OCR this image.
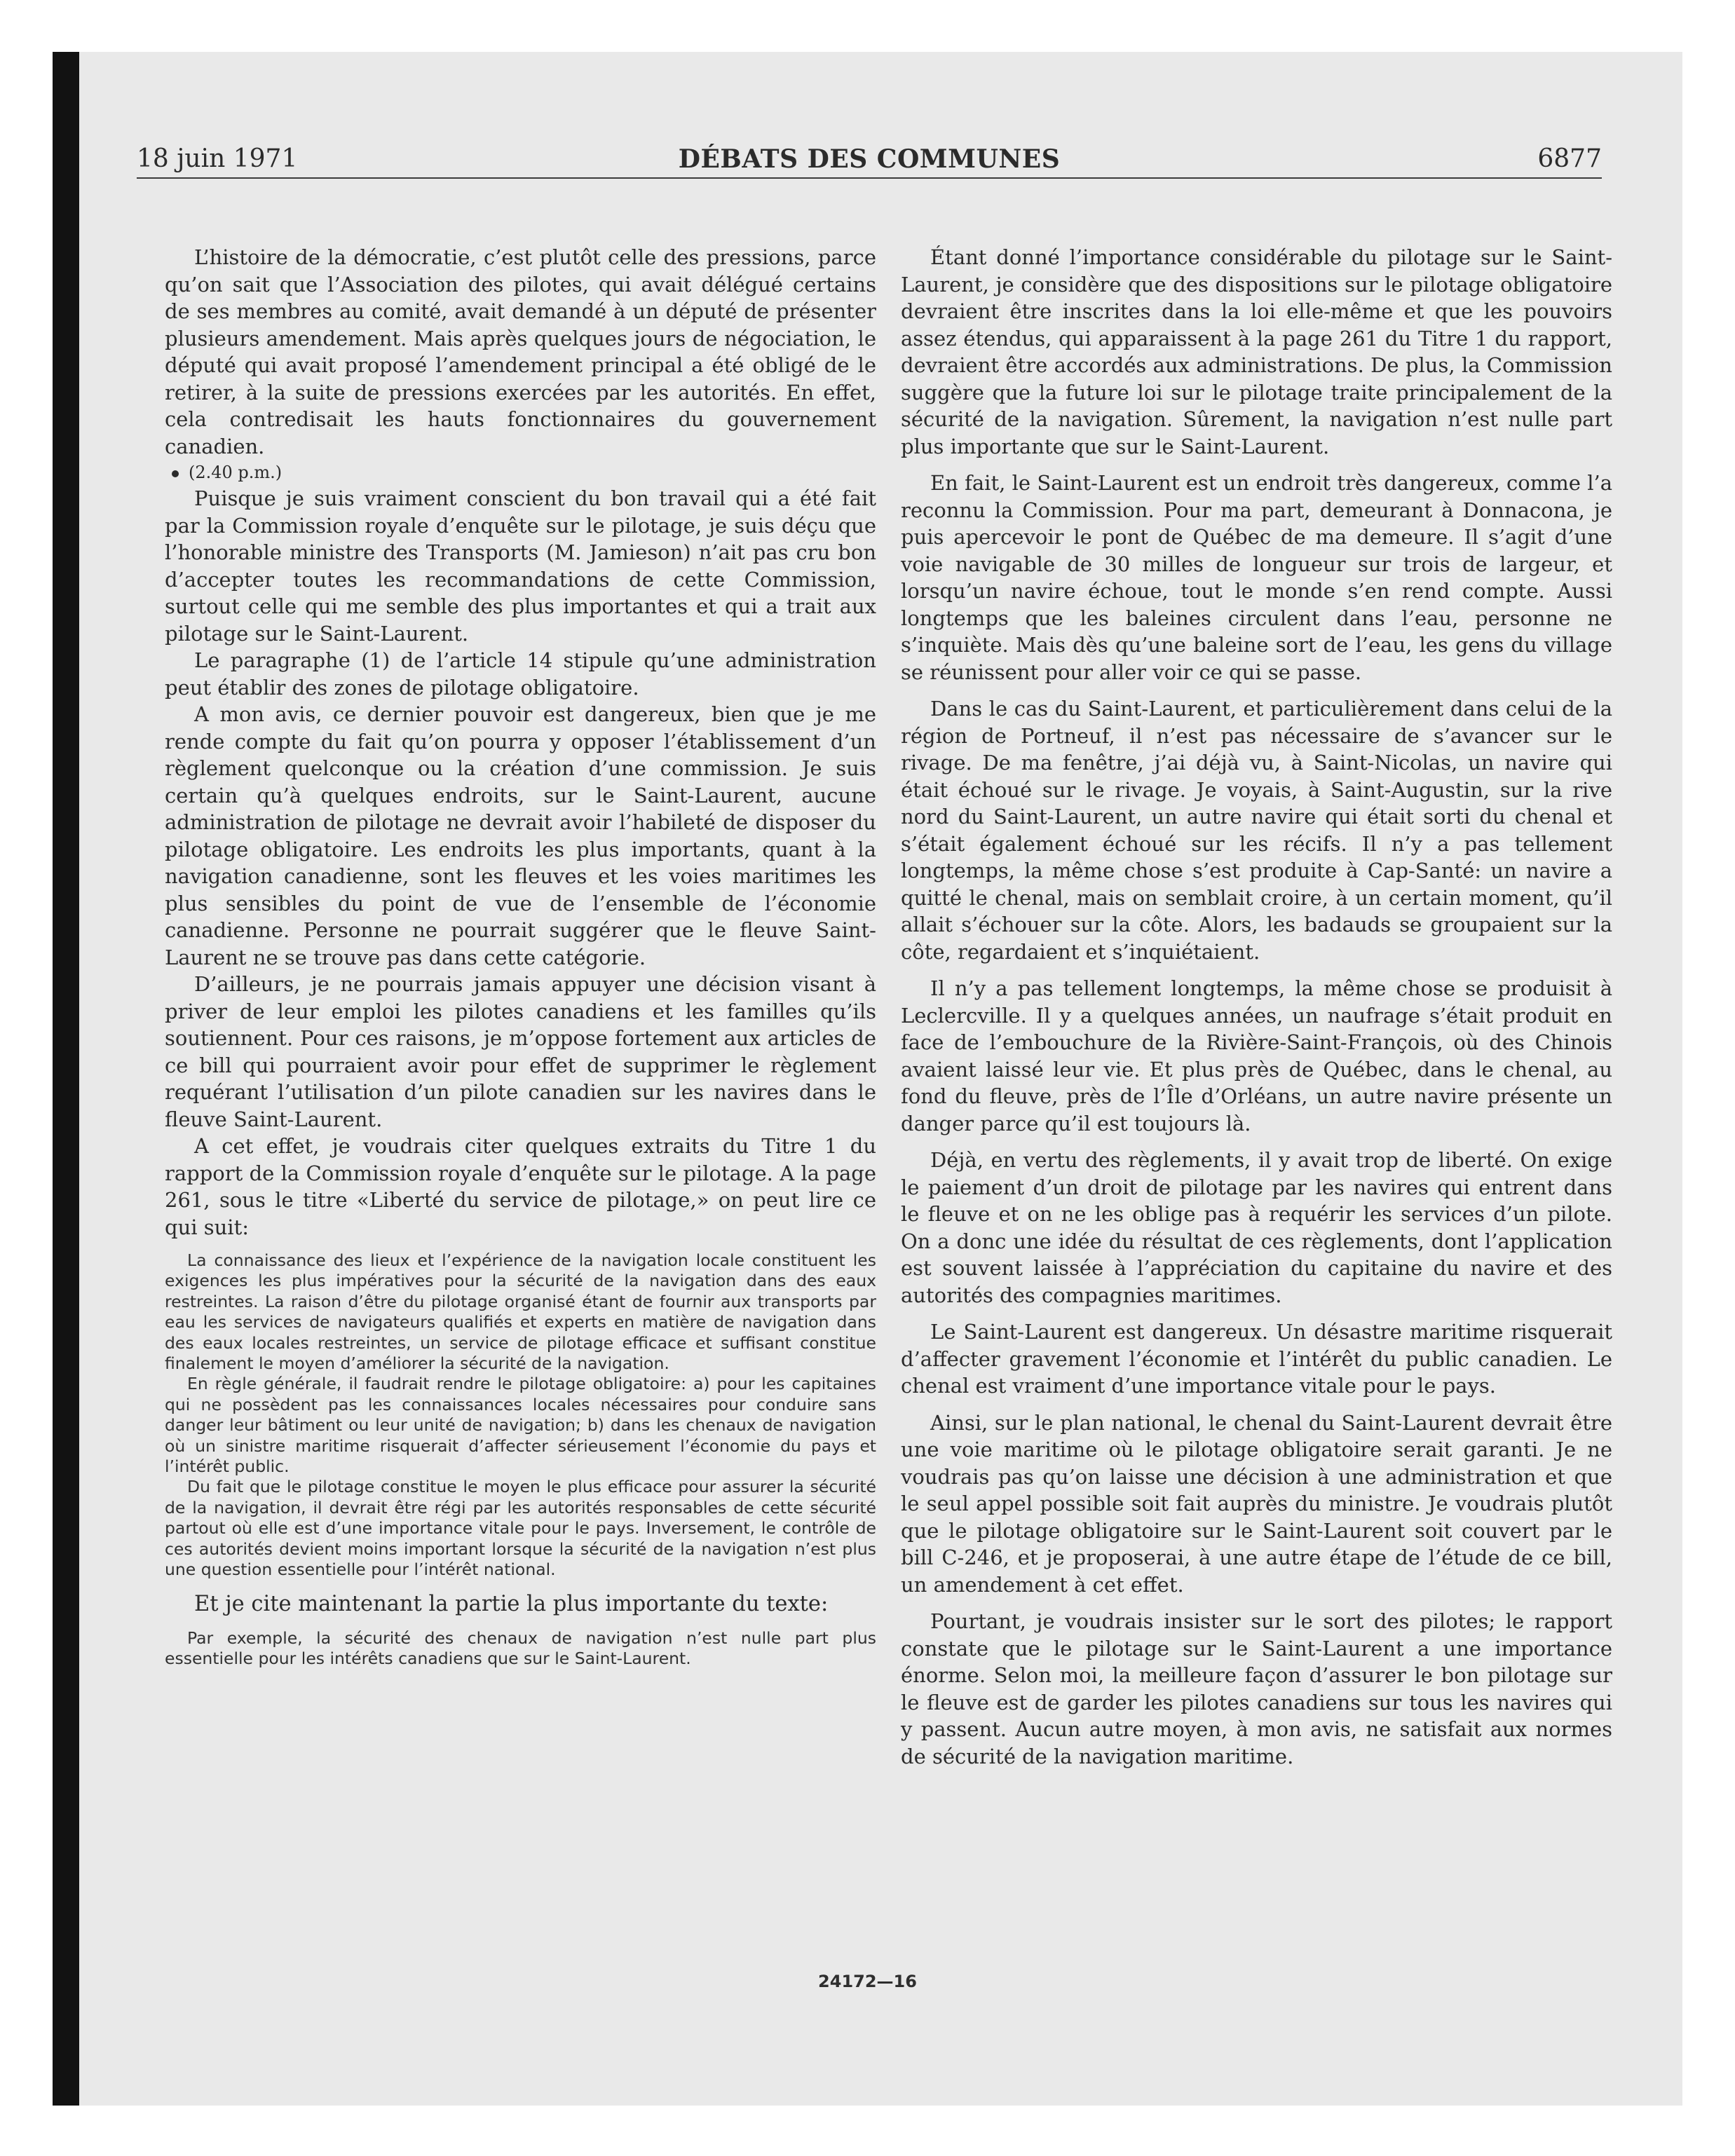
18 juin 1971	DÉBATS DES COMMUNES	6877

L’histoire de la démocratie, c’est plutôt celle des pressions, parce qu’on sait que l’Association des pilotes, qui avait délégué certains de ses membres au comité, avait demandé à un député de présenter plusieurs amendement. Mais après quelques jours de négociation, le député qui avait proposé l’amendement principal a été obligé de le retirer, à la suite de pressions exercées par les autorités. En effet, cela contredisait les hauts fonctionnaires du gouvernement canadien.

(2.40 p.m.)

Puisque je suis vraiment conscient du bon travail qui a été fait par la Commission royale d’enquête sur le pilotage, je suis déçu que l’honorable ministre des Transports (M. Jamieson) n’ait pas cru bon d’accepter toutes les recommandations de cette Commission, surtout celle qui me semble des plus importantes et qui a trait aux pilotage sur le Saint-Laurent.

Le paragraphe (1) de l’article 14 stipule qu’une administration peut établir des zones de pilotage obligatoire.

A mon avis, ce dernier pouvoir est dangereux, bien que je me rende compte du fait qu’on pourra y opposer l’établissement d’un règlement quelconque ou la création d’une commission. Je suis certain qu’à quelques endroits, sur le Saint-Laurent, aucune administration de pilotage ne devrait avoir l’habileté de disposer du pilotage obligatoire. Les endroits les plus importants, quant à la navigation canadienne, sont les fleuves et les voies maritimes les plus sensibles du point de vue de l’ensemble de l’économie canadienne. Personne ne pourrait suggérer que le fleuve Saint-Laurent ne se trouve pas dans cette catégorie.

D’ailleurs, je ne pourrais jamais appuyer une décision visant à priver de leur emploi les pilotes canadiens et les familles qu’ils soutiennent. Pour ces raisons, je m’oppose fortement aux articles de ce bill qui pourraient avoir pour effet de supprimer le règlement requérant l’utilisation d’un pilote canadien sur les navires dans le fleuve Saint-Laurent.

A cet effet, je voudrais citer quelques extraits du Titre 1 du rapport de la Commission royale d’enquête sur le pilotage. A la page 261, sous le titre «Liberté du service de pilotage,» on peut lire ce qui suit:

La connaissance des lieux et l’expérience de la navigation locale constituent les exigences les plus impératives pour la sécurité de la navigation dans des eaux restreintes. La raison d’être du pilotage organisé étant de fournir aux transports par eau les services de navigateurs qualifiés et experts en matière de navigation dans des eaux locales restreintes, un service de pilotage efficace et suffisant constitue finalement le moyen d’améliorer la sécurité de la navigation.

En règle générale, il faudrait rendre le pilotage obligatoire: a) pour les capitaines qui ne possèdent pas les connaissances locales nécessaires pour conduire sans danger leur bâtiment ou leur unité de navigation; b) dans les chenaux de navigation où un sinistre maritime risquerait d’affecter sérieusement l’économie du pays et l’intérêt public.

Du fait que le pilotage constitue le moyen le plus efficace pour assurer la sécurité de la navigation, il devrait être régi par les autorités responsables de cette sécurité partout où elle est d’une importance vitale pour le pays. Inversement, le contrôle de ces autorités devient moins important lorsque la sécurité de la navigation n’est plus une question essentielle pour l’intérêt national.

Et je cite maintenant la partie la plus importante du texte:

Par exemple, la sécurité des chenaux de navigation n’est nulle part plus essentielle pour les intérêts canadiens que sur le Saint-Laurent.

Étant donné l’importance considérable du pilotage sur le Saint-Laurent, je considère que des dispositions sur le pilotage obligatoire devraient être inscrites dans la loi elle-même et que les pouvoirs assez étendus, qui apparaissent à la page 261 du Titre 1 du rapport, devraient être accordés aux administrations. De plus, la Commission suggère que la future loi sur le pilotage traite principalement de la sécurité de la navigation. Sûrement, la navigation n’est nulle part plus importante que sur le Saint-Laurent.

En fait, le Saint-Laurent est un endroit très dangereux, comme l’a reconnu la Commission. Pour ma part, demeurant à Donnacona, je puis apercevoir le pont de Québec de ma demeure. Il s’agit d’une voie navigable de 30 milles de longueur sur trois de largeur, et lorsqu’un navire échoue, tout le monde s’en rend compte. Aussi longtemps que les baleines circulent dans l’eau, personne ne s’inquiète. Mais dès qu’une baleine sort de l’eau, les gens du village se réunissent pour aller voir ce qui se passe.

Dans le cas du Saint-Laurent, et particulièrement dans celui de la région de Portneuf, il n’est pas nécessaire de s’avancer sur le rivage. De ma fenêtre, j’ai déjà vu, à Saint-Nicolas, un navire qui était échoué sur le rivage. Je voyais, à Saint-Augustin, sur la rive nord du Saint-Laurent, un autre navire qui était sorti du chenal et s’était également échoué sur les récifs. Il n’y a pas tellement longtemps, la même chose s’est produite à Cap-Santé: un navire a quitté le chenal, mais on semblait croire, à un certain moment, qu’il allait s’échouer sur la côte. Alors, les badauds se groupaient sur la côte, regardaient et s’inquiétaient.

Il n’y a pas tellement longtemps, la même chose se produisit à Leclercville. Il y a quelques années, un naufrage s’était produit en face de l’embouchure de la Rivière-Saint-François, où des Chinois avaient laissé leur vie. Et plus près de Québec, dans le chenal, au fond du fleuve, près de l’Île d’Orléans, un autre navire présente un danger parce qu’il est toujours là.

Déjà, en vertu des règlements, il y avait trop de liberté. On exige le paiement d’un droit de pilotage par les navires qui entrent dans le fleuve et on ne les oblige pas à requérir les services d’un pilote. On a donc une idée du résultat de ces règlements, dont l’application est souvent laissée à l’appréciation du capitaine du navire et des autorités des compagnies maritimes.

Le Saint-Laurent est dangereux. Un désastre maritime risquerait d’affecter gravement l’économie et l’intérêt du public canadien. Le chenal est vraiment d’une importance vitale pour le pays.

Ainsi, sur le plan national, le chenal du Saint-Laurent devrait être une voie maritime où le pilotage obligatoire serait garanti. Je ne voudrais pas qu’on laisse une décision à une administration et que le seul appel possible soit fait auprès du ministre. Je voudrais plutôt que le pilotage obligatoire sur le Saint-Laurent soit couvert par le bill C-246, et je proposerai, à une autre étape de l’étude de ce bill, un amendement à cet effet.

Pourtant, je voudrais insister sur le sort des pilotes; le rapport constate que le pilotage sur le Saint-Laurent a une importance énorme. Selon moi, la meilleure façon d’assurer le bon pilotage sur le fleuve est de garder les pilotes canadiens sur tous les navires qui y passent. Aucun autre moyen, à mon avis, ne satisfait aux normes de sécurité de la navigation maritime.

24172—16
